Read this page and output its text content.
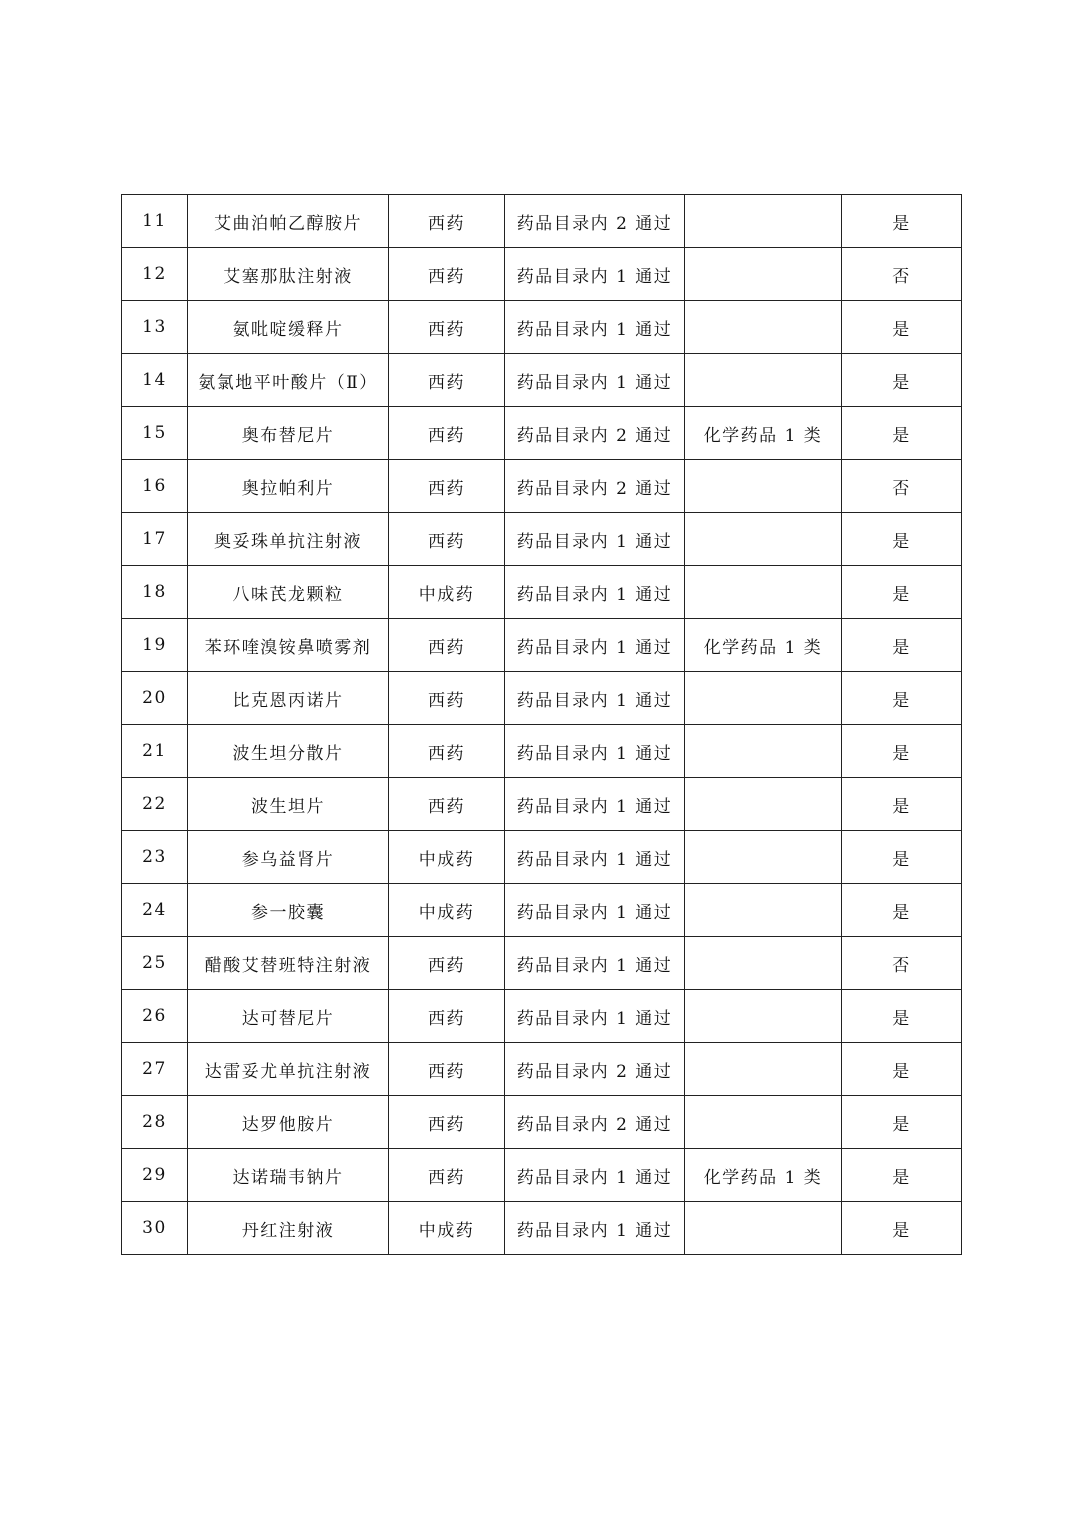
11	艾曲泊帕乙醇胺片	西药	药品目录内 2 通过		是
12	艾塞那肽注射液	西药	药品目录内 1 通过		否
13	氨吡啶缓释片	西药	药品目录内 1 通过		是
14	氨氯地平叶酸片（Ⅱ）	西药	药品目录内 1 通过		是
15	奥布替尼片	西药	药品目录内 2 通过	化学药品 1 类	是
16	奥拉帕利片	西药	药品目录内 2 通过		否
17	奥妥珠单抗注射液	西药	药品目录内 1 通过		是
18	八味芪龙颗粒	中成药	药品目录内 1 通过		是
19	苯环喹溴铵鼻喷雾剂	西药	药品目录内 1 通过	化学药品 1 类	是
20	比克恩丙诺片	西药	药品目录内 1 通过		是
21	波生坦分散片	西药	药品目录内 1 通过		是
22	波生坦片	西药	药品目录内 1 通过		是
23	参乌益肾片	中成药	药品目录内 1 通过		是
24	参一胶囊	中成药	药品目录内 1 通过		是
25	醋酸艾替班特注射液	西药	药品目录内 1 通过		否
26	达可替尼片	西药	药品目录内 1 通过		是
27	达雷妥尤单抗注射液	西药	药品目录内 2 通过		是
28	达罗他胺片	西药	药品目录内 2 通过		是
29	达诺瑞韦钠片	西药	药品目录内 1 通过	化学药品 1 类	是
30	丹红注射液	中成药	药品目录内 1 通过		是
